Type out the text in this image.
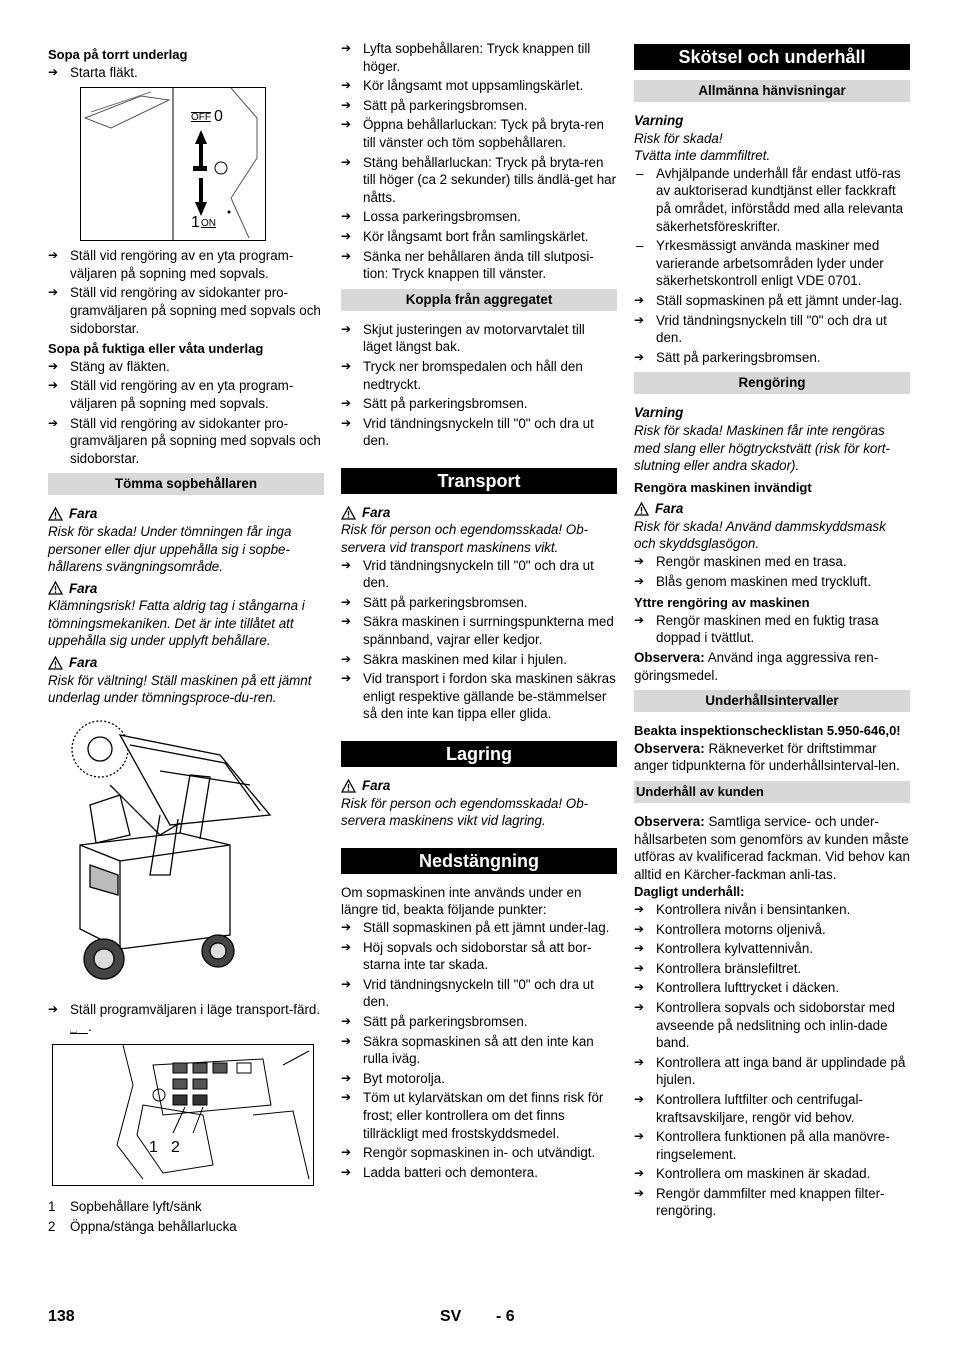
Sopa på torrt underlag

➔ Starta fläkt.

OFF 0
1 ON

➔ Ställ vid rengöring av en yta program-väljaren på sopning med sopvals.

➔ Ställ vid rengöring av sidokanter pro-gramväljaren på sopning med sopvals och sidoborstar.

Sopa på fuktiga eller våta underlag

➔ Stäng av fläkten.

➔ Ställ vid rengöring av en yta program-väljaren på sopning med sopvals.

➔ Ställ vid rengöring av sidokanter pro-gramväljaren på sopning med sopvals och sidoborstar.

Tömma sopbehållaren
Fara

Risk för skada! Under tömningen får inga personer eller djur uppehålla sig i sopbe-hållarens svängningsområde.

Fara

Klämningsrisk! Fatta aldrig tag i stångarna i tömningsmekaniken. Det är inte tillåtet att uppehålla sig under upplyft behållare.

Fara

Risk för vältning! Ställ maskinen på ett jämnt underlag under tömningsproce-du-ren.

➔ Ställ programväljaren i läge transport-färd. ⌴ .

1 2
1	Sopbehållare lyft/sänk
2	Öppna/stänga behållarlucka

➔ Lyfta sopbehållaren: Tryck knappen till höger.

➔ Kör långsamt mot uppsamlingskärlet.

➔ Sätt på parkeringsbromsen.

➔ Öppna behållarluckan: Tyck på bryta-ren till vänster och töm sopbehållaren.

➔ Stäng behållarluckan: Tryck på bryta-ren till höger (ca 2 sekunder) tills ändlä-get har nåtts.

➔ Lossa parkeringsbromsen.

➔ Kör långsamt bort från samlingskärlet.

➔ Sänka ner behållaren ända till slutposi-tion: Tryck knappen till vänster.

Koppla från aggregatet

➔ Skjut justeringen av motorvarvtalet till läget längst bak.

➔ Tryck ner bromspedalen och håll den nedtryckt.

➔ Sätt på parkeringsbromsen.

➔ Vrid tändningsnyckeln till "0" och dra ut den.

Transport
Fara

Risk för person och egendomsskada! Ob-servera vid transport maskinens vikt.

➔ Vrid tändningsnyckeln till "0" och dra ut den.

➔ Sätt på parkeringsbromsen.

➔ Säkra maskinen i surrningspunkterna med spännband, vajrar eller kedjor.

➔ Säkra maskinen med kilar i hjulen.

➔ Vid transport i fordon ska maskinen säkras enligt respektive gällande be-stämmelser så den inte kan tippa eller glida.

Lagring
Fara

Risk för person och egendomsskada! Ob-servera maskinens vikt vid lagring.

Nedstängning

Om sopmaskinen inte används under en längre tid, beakta följande punkter:

➔ Ställ sopmaskinen på ett jämnt under-lag.

➔ Höj sopvals och sidoborstar så att bor-starna inte tar skada.

➔ Vrid tändningsnyckeln till "0" och dra ut den.

➔ Sätt på parkeringsbromsen.

➔ Säkra sopmaskinen så att den inte kan rulla iväg.

➔ Byt motorolja.

➔ Töm ut kylarvätskan om det finns risk för frost; eller kontrollera om det finns tillräckligt med frostskyddsmedel.

➔ Rengör sopmaskinen in- och utvändigt.

➔ Ladda batteri och demontera.

Skötsel och underhåll
Allmänna hänvisningar

Varning

Risk för skada!

Tvätta inte dammfiltret.

– Avhjälpande underhåll får endast utfö-ras av auktoriserad kundtjänst eller fackkraft på området, införstådd med alla relevanta säkerhetsföreskrifter.

– Yrkesmässigt använda maskiner med varierande arbetsområden lyder under säkerhetskontroll enligt VDE 0701.

➔ Ställ sopmaskinen på ett jämnt under-lag.

➔ Vrid tändningsnyckeln till "0" och dra ut den.

➔ Sätt på parkeringsbromsen.

Rengöring

Varning

Risk för skada! Maskinen får inte rengöras med slang eller högtryckstvätt (risk för kort-slutning eller andra skador).

Rengöra maskinen invändigt

Fara

Risk för skada! Använd dammskyddsmask och skyddsglasögon.

➔ Rengör maskinen med en trasa.

➔ Blås genom maskinen med tryckluft.

Yttre rengöring av maskinen

➔ Rengör maskinen med en fuktig trasa doppad i tvättlut.

Observera: Använd inga aggressiva ren-göringsmedel.

Underhållsintervaller

Beakta inspektionschecklistan 5.950-646,0!

Observera: Räkneverket för driftstimmar anger tidpunkterna för underhållsinterval-len.

Underhåll av kunden

Observera: Samtliga service- och under-hållsarbeten som genomförs av kunden måste utföras av kvalificerad fackman. Vid behov kan alltid en Kärcher-fackman anli-tas.

Dagligt underhåll:

➔ Kontrollera nivån i bensintanken.

➔ Kontrollera motorns oljenivå.

➔ Kontrollera kylvattennivån.

➔ Kontrollera bränslefiltret.

➔ Kontrollera lufttrycket i däcken.

➔ Kontrollera sopvals och sidoborstar med avseende på nedslitning och inlin-dade band.

➔ Kontrollera att inga band är upplindade på hjulen.

➔ Kontrollera luftfilter och centrifugal-kraftsavskiljare, rengör vid behov.

➔ Kontrollera funktionen på alla manövre-ringselement.

➔ Kontrollera om maskinen är skadad.

➔ Rengör dammfilter med knappen filter-rengöring.

138	SV - 6
